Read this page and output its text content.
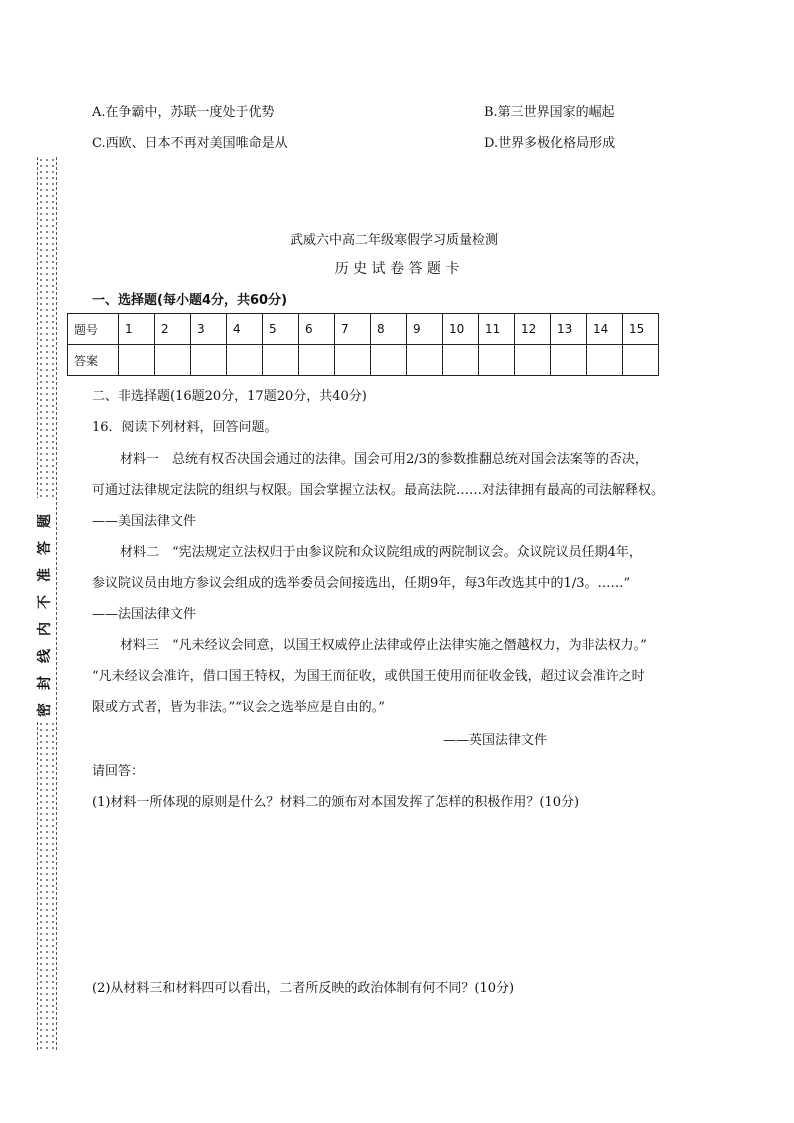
A.在争霸中，苏联一度处于优势	B.第三世界国家的崛起
C.西欧、日本不再对美国唯命是从	D.世界多极化格局形成
密封线内不准答题
武威六中高二年级寒假学习质量检测
历 史 试 卷 答 题 卡
一、选择题(每小题4分，共60分)
题号	1	2	3	4	5	6	7	8	9	10	11	12	13	14	15
答案															
二、非选择题(16题20分，17题20分，共40分)
16．阅读下列材料，回答问题。
材料一　总统有权否决国会通过的法律。国会可用2/3的参数推翻总统对国会法案等的否决，
可通过法律规定法院的组织与权限。国会掌握立法权。最高法院……对法律拥有最高的司法解释权。
——美国法律文件
材料二　“宪法规定立法权归于由参议院和众议院组成的两院制议会。众议院议员任期4年，
参议院议员由地方参议会组成的选举委员会间接选出，任期9年，每3年改选其中的1/3。……”
——法国法律文件
材料三　“凡未经议会同意，以国王权威停止法律或停止法律实施之僭越权力，为非法权力。”
“凡未经议会准许，借口国王特权，为国王而征收，或供国王使用而征收金钱，超过议会准许之时
限或方式者，皆为非法。”“议会之选举应是自由的。”
——英国法律文件
请回答：
(1)材料一所体现的原则是什么？材料二的颁布对本国发挥了怎样的积极作用？(10分)
(2)从材料三和材料四可以看出，二者所反映的政治体制有何不同？(10分)
